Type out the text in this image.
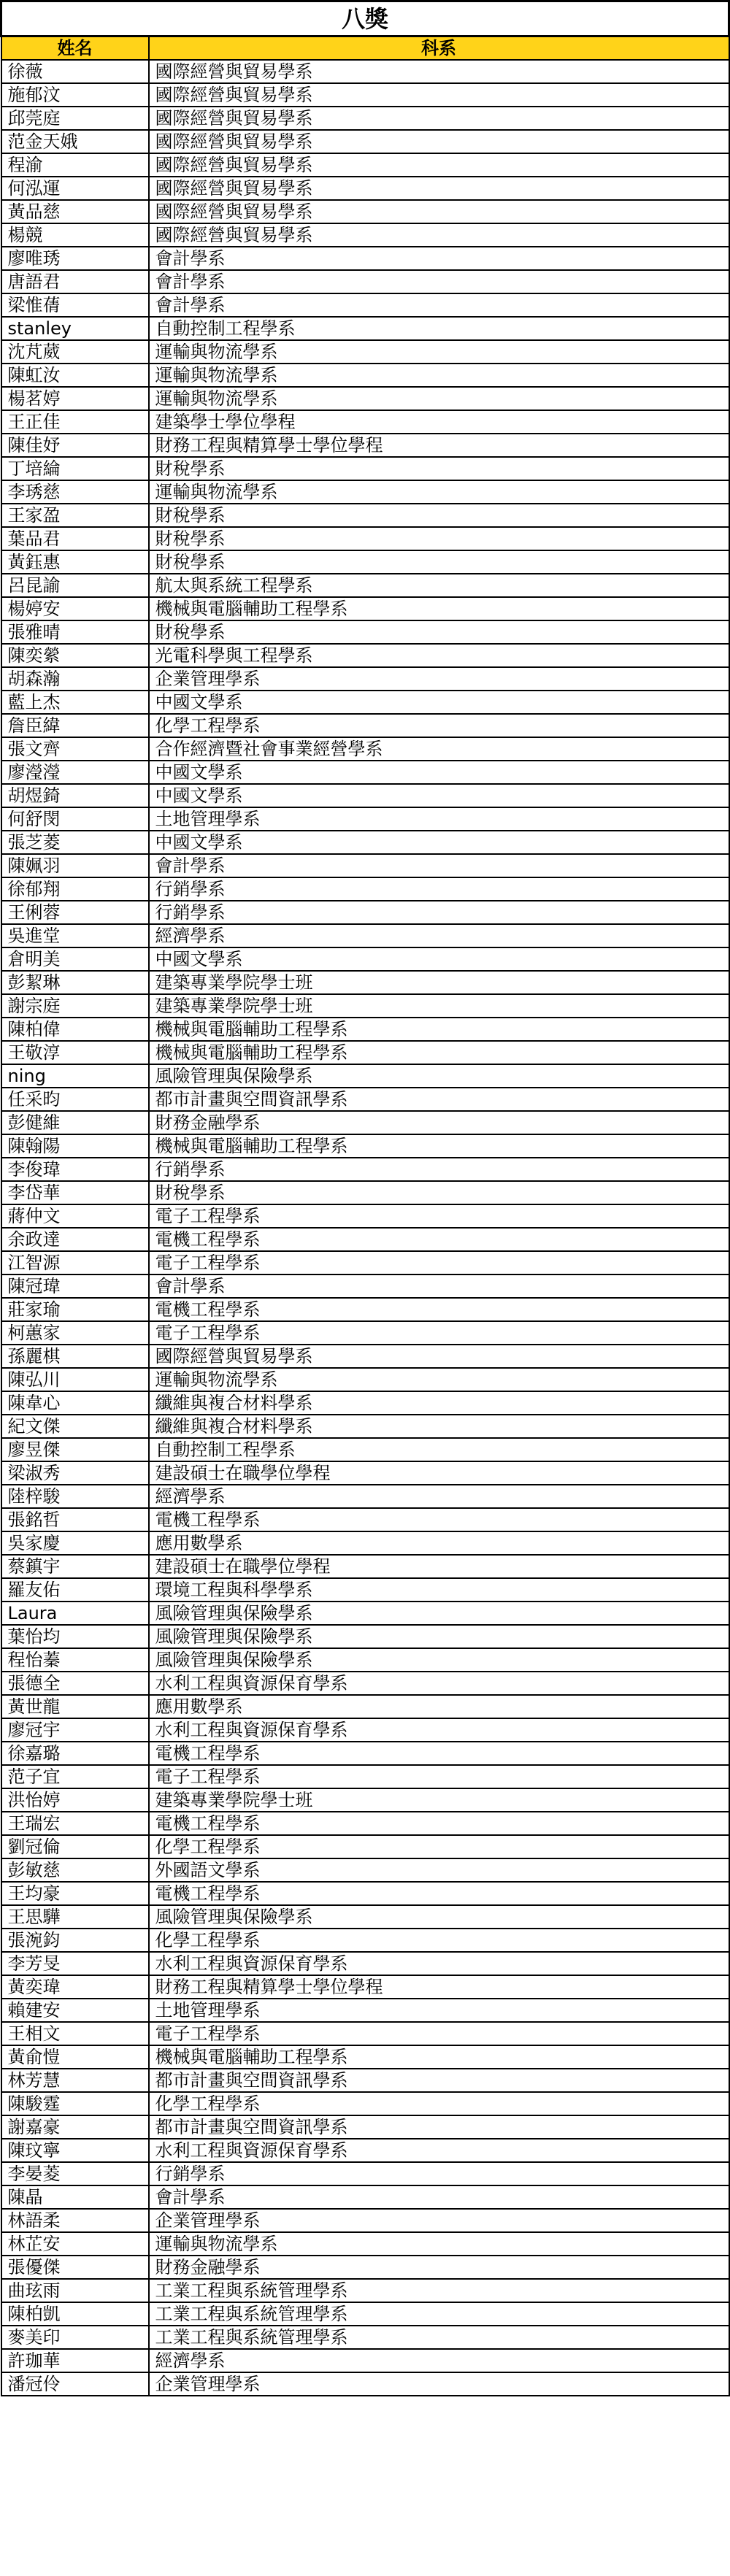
八獎	
姓名	科系
徐薇	國際經營與貿易學系
施郁汶	國際經營與貿易學系
邱莞庭	國際經營與貿易學系
范金天娥	國際經營與貿易學系
程渝	國際經營與貿易學系
何泓運	國際經營與貿易學系
黃品慈	國際經營與貿易學系
楊競	國際經營與貿易學系
廖唯琇	會計學系
唐語君	會計學系
梁惟蒨	會計學系
stanley	自動控制工程學系
沈芃葳	運輸與物流學系
陳虹汝	運輸與物流學系
楊茗婷	運輸與物流學系
王正佳	建築學士學位學程
陳佳妤	財務工程與精算學士學位學程
丁培綸	財稅學系
李琇慈	運輸與物流學系
王家盈	財稅學系
葉品君	財稅學系
黃鈺惠	財稅學系
呂昆諭	航太與系統工程學系
楊婷安	機械與電腦輔助工程學系
張雅晴	財稅學系
陳奕縈	光電科學與工程學系
胡森瀚	企業管理學系
藍上杰	中國文學系
詹臣緯	化學工程學系
張文齊	合作經濟暨社會事業經營學系
廖瀅瀅	中國文學系
胡煜錡	中國文學系
何舒閔	土地管理學系
張芝菱	中國文學系
陳姵羽	會計學系
徐郁翔	行銷學系
王俐蓉	行銷學系
吳進堂	經濟學系
倉明美	中國文學系
彭絜琳	建築專業學院學士班
謝宗庭	建築專業學院學士班
陳柏偉	機械與電腦輔助工程學系
王敬淳	機械與電腦輔助工程學系
ning	風險管理與保險學系
任采昀	都市計畫與空間資訊學系
彭健維	財務金融學系
陳翰陽	機械與電腦輔助工程學系
李俊瑋	行銷學系
李岱華	財稅學系
蔣仲文	電子工程學系
余政達	電機工程學系
江智源	電子工程學系
陳冠瑋	會計學系
莊家瑜	電機工程學系
柯蕙家	電子工程學系
孫麗棋	國際經營與貿易學系
陳弘川	運輸與物流學系
陳韋心	纖維與複合材料學系
紀文傑	纖維與複合材料學系
廖昱傑	自動控制工程學系
梁淑秀	建設碩士在職學位學程
陸梓駿	經濟學系
張銘哲	電機工程學系
吳家慶	應用數學系
蔡鎮宇	建設碩士在職學位學程
羅友佑	環境工程與科學學系
Laura	風險管理與保險學系
葉怡均	風險管理與保險學系
程怡蓁	風險管理與保險學系
張德全	水利工程與資源保育學系
黃世龍	應用數學系
廖冠宇	水利工程與資源保育學系
徐嘉璐	電機工程學系
范子宜	電子工程學系
洪怡婷	建築專業學院學士班
王瑞宏	電機工程學系
劉冠倫	化學工程學系
彭敏慈	外國語文學系
王均豪	電機工程學系
王思驊	風險管理與保險學系
張涴鈞	化學工程學系
李芳旻	水利工程與資源保育學系
黃奕瑋	財務工程與精算學士學位學程
賴建安	土地管理學系
王相文	電子工程學系
黃俞愷	機械與電腦輔助工程學系
林芳慧	都市計畫與空間資訊學系
陳駿霆	化學工程學系
謝嘉豪	都市計畫與空間資訊學系
陳玟寧	水利工程與資源保育學系
李晏菱	行銷學系
陳晶	會計學系
林語柔	企業管理學系
林芷安	運輸與物流學系
張優傑	財務金融學系
曲玹雨	工業工程與系統管理學系
陳柏凱	工業工程與系統管理學系
麥美印	工業工程與系統管理學系
許珈華	經濟學系
潘冠伶	企業管理學系
